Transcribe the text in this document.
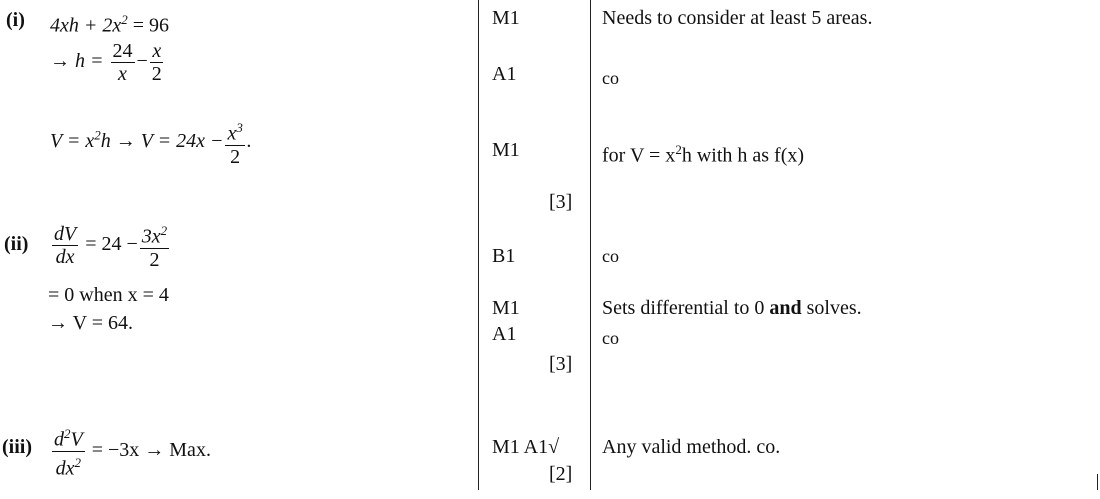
(i) $4xh + 2x^2 = 96$
→ $h = \frac{24}{x} - \frac{x}{2}$
$V = x^2h \to V = 24x - \frac{x^3}{2}$ .
$(ii) \frac{dV}{dx} = 24 - \frac{3x^2}{2}$
= 0 when x = 4
→ V = 64.
$(iii) \frac{d^2V}{dx^2} = -3x$ → Max.
M1
A1
M1
[3]
B1
M1
A1
[3]
M1 A1√
[2]
Needs to consider at least 5 areas.
co
for $V = x^2h$ with h as f(x)
co
Sets differential to 0 and solves.
co
Any valid method. co.
